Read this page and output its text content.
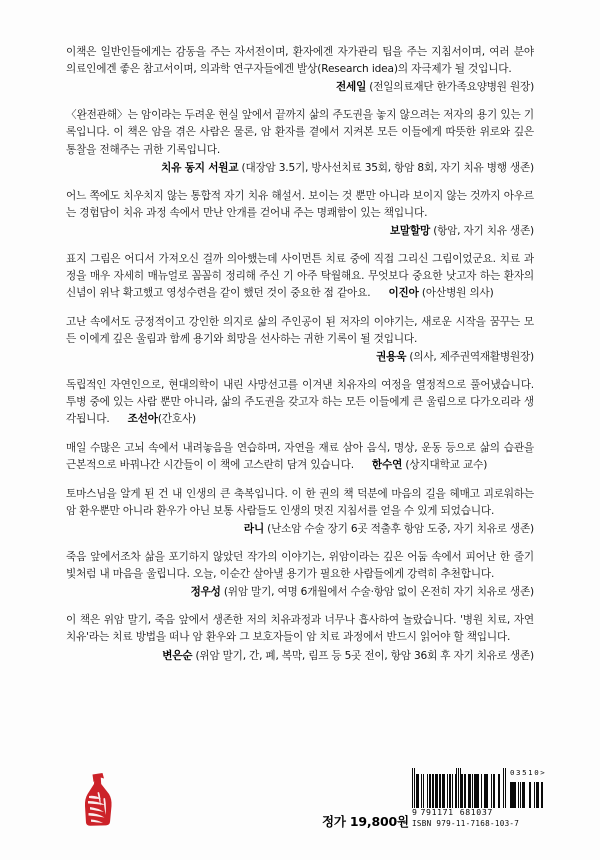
이책은 일반인들에게는 감동을 주는 자서전이며, 환자에겐 자가관리 팁을 주는 지침서이며, 여러 분야 의료인에겐 좋은 참고서이며, 의과학 연구자들에겐 발상(Research idea)의 자극제가 될 것입니다.

전세일 (전일의료재단 한가족요양병원 원장)

〈완전관해〉는 암이라는 두려운 현실 앞에서 끝까지 삶의 주도권을 놓지 않으려는 저자의 용기 있는 기록입니다. 이 책은 암을 겪은 사람은 물론, 암 환자를 곁에서 지켜본 모든 이들에게 따뜻한 위로와 깊은 통찰을 전해주는 귀한 기록입니다.

치유 동지 서원교 (대장암 3.5기, 방사선치료 35회, 항암 8회, 자기 치유 병행 생존)

어느 쪽에도 치우치지 않는 통합적 자기 치유 해설서. 보이는 것 뿐만 아니라 보이지 않는 것까지 아우르는 경험담이 치유 과정 속에서 만난 안개를 걷어내 주는 명쾌함이 있는 책입니다.

보말할망 (항암, 자기 치유 생존)

표지 그림은 어디서 가져오신 걸까 의아했는데 사이먼튼 치료 중에 직접 그리신 그림이었군요. 치료 과정을 매우 자세히 매뉴얼로 꼼꼼히 정리해 주신 기 아주 탁월해요. 무엇보다 중요한 낫고자 하는 환자의 신념이 위낙 확고했고 영성수련을 같이 했던 것이 중요한 점 같아요. 이진아 (아산병원 의사)

고난 속에서도 긍정적이고 강인한 의지로 삶의 주인공이 된 저자의 이야기는, 새로운 시작을 꿈꾸는 모든 이에게 깊은 울림과 함께 용기와 희망을 선사하는 귀한 기록이 될 것입니다.

권용욱 (의사, 제주권역재활병원장)

독립적인 자연인으로, 현대의학이 내린 사망선고를 이겨낸 치유자의 여정을 열정적으로 풀어냈습니다. 투병 중에 있는 사람 뿐만 아니라, 삶의 주도권을 갖고자 하는 모든 이들에게 큰 울림으로 다가오리라 생각됩니다. 조선아(간호사)

매일 수많은 고뇌 속에서 내려놓음을 연습하며, 자연을 재료 삼아 음식, 명상, 운동 등으로 삶의 습관을 근본적으로 바꿔나간 시간들이 이 책에 고스란히 담겨 있습니다. 한수연 (상지대학교 교수)

토마스님을 알게 된 건 내 인생의 큰 축복입니다. 이 한 권의 책 덕분에 마음의 길을 헤매고 괴로워하는 암 환우뿐만 아니라 환우가 아닌 보통 사람들도 인생의 멋진 지침서를 얻을 수 있게 되었습니다.

라니 (난소암 수술 장기 6곳 적출후 항암 도중, 자기 치유로 생존)

죽음 앞에서조차 삶을 포기하지 않았던 작가의 이야기는, 위암이라는 깊은 어둠 속에서 피어난 한 줄기 빛처럼 내 마음을 울립니다. 오늘, 이순간 살아낼 용기가 필요한 사람들에게 강력히 추천합니다.

정우성 (위암 말기, 여명 6개월에서 수술·항암 없이 온전히 자기 치유로 생존)

이 책은 위암 말기, 죽음 앞에서 생존한 저의 치유과정과 너무나 흡사하여 놀랐습니다. '병원 치료, 자연 치유'라는 치료 방법을 떠나 암 환우와 그 보호자들이 암 치료 과정에서 반드시 읽어야 할 책입니다.

변은순 (위암 말기, 간, 폐, 복막, 림프 등 5곳 전이, 항암 36회 후 자기 치유로 생존)
정가 19,800원
9 791171 681037
03510>
ISBN 979-11-7168-103-7
